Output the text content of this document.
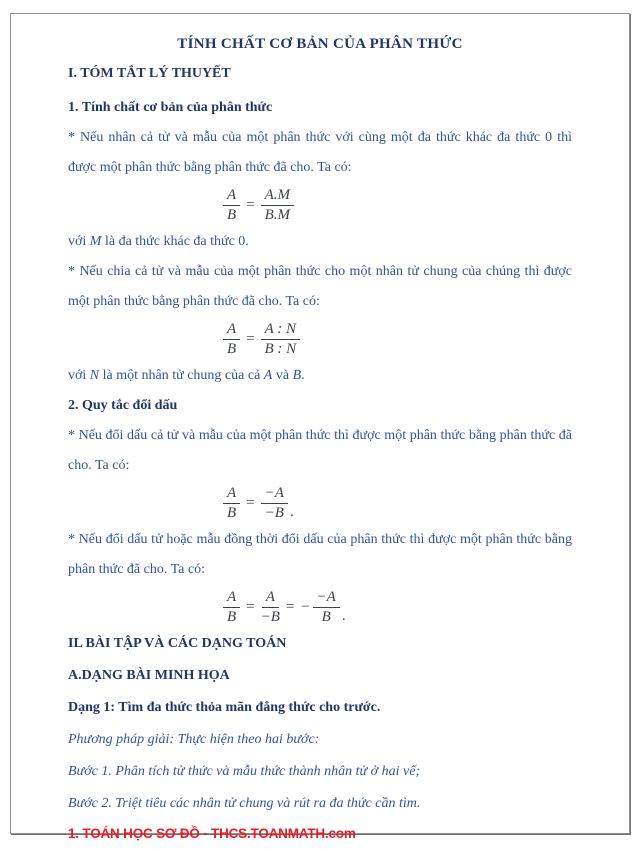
TÍNH CHẤT CƠ BẢN CỦA PHÂN THỨC
I. TÓM TẮT LÝ THUYẾT
1. Tính chất cơ bản của phân thức
* Nếu nhân cả tử và mẫu của một phân thức với cùng một đa thức khác đa thức 0 thì được một phân thức bằng phân thức đã cho. Ta có:
$\frac{A}{B} = \frac{A.M}{B.M}$
với M là đa thức khác đa thức 0.
* Nếu chia cả tử và mẫu của một phân thức cho một nhân tử chung của chúng thì được một phân thức bằng phân thức đã cho. Ta có:
$\frac{A}{B} = \frac{A : N}{B : N}$
với N là một nhân tử chung của cả A và B.
2. Quy tắc đổi dấu
* Nếu đổi dấu cả tử và mẫu của một phân thức thì được một phân thức bằng phân thức đã cho. Ta có:
$\frac{A}{B} = \frac{-A}{-B}$ .
* Nếu đổi dấu tử hoặc mẫu đồng thời đổi dấu của phân thức thì được một phân thức bằng phân thức đã cho. Ta có:
$\frac{A}{B} = \frac{A}{-B}$ = − $\frac{-A}{B}$ .
IL BÀI TẬP VÀ CÁC DẠNG TOÁN
A.DẠNG BÀI MINH HỌA
Dạng 1: Tìm đa thức thỏa mãn đẳng thức cho trước.
Phương pháp giải: Thực hiện theo hai bước:
Bước 1. Phân tích tử thức và mẫu thức thành nhân tử ở hai vế;
Bước 2. Triệt tiêu các nhân tử chung và rút ra đa thức cần tìm.
1. TOÁN HỌC SƠ ĐỒ - THCS.TOANMATH.com
